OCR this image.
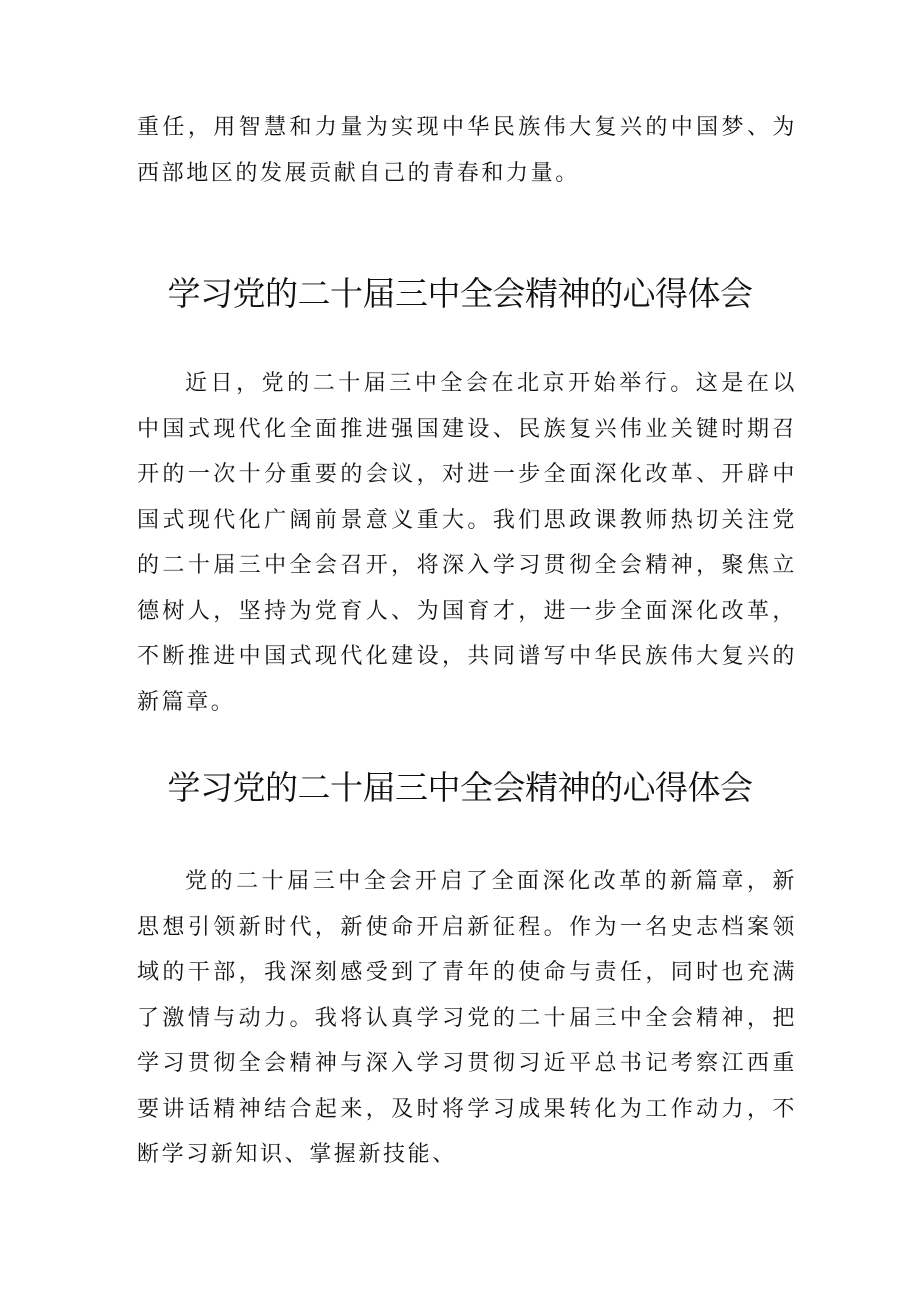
重任，用智慧和力量为实现中华民族伟大复兴的中国梦、为西部地区的发展贡献自己的青春和力量。

学习党的二十届三中全会精神的心得体会

近日，党的二十届三中全会在北京开始举行。这是在以中国式现代化全面推进强国建设、民族复兴伟业关键时期召开的一次十分重要的会议，对进一步全面深化改革、开辟中国式现代化广阔前景意义重大。我们思政课教师热切关注党的二十届三中全会召开，将深入学习贯彻全会精神，聚焦立德树人，坚持为党育人、为国育才，进一步全面深化改革，不断推进中国式现代化建设，共同谱写中华民族伟大复兴的新篇章。

学习党的二十届三中全会精神的心得体会

党的二十届三中全会开启了全面深化改革的新篇章，新思想引领新时代，新使命开启新征程。作为一名史志档案领域的干部，我深刻感受到了青年的使命与责任，同时也充满了激情与动力。我将认真学习党的二十届三中全会精神，把学习贯彻全会精神与深入学习贯彻习近平总书记考察江西重要讲话精神结合起来，及时将学习成果转化为工作动力，不断学习新知识、掌握新技能、
